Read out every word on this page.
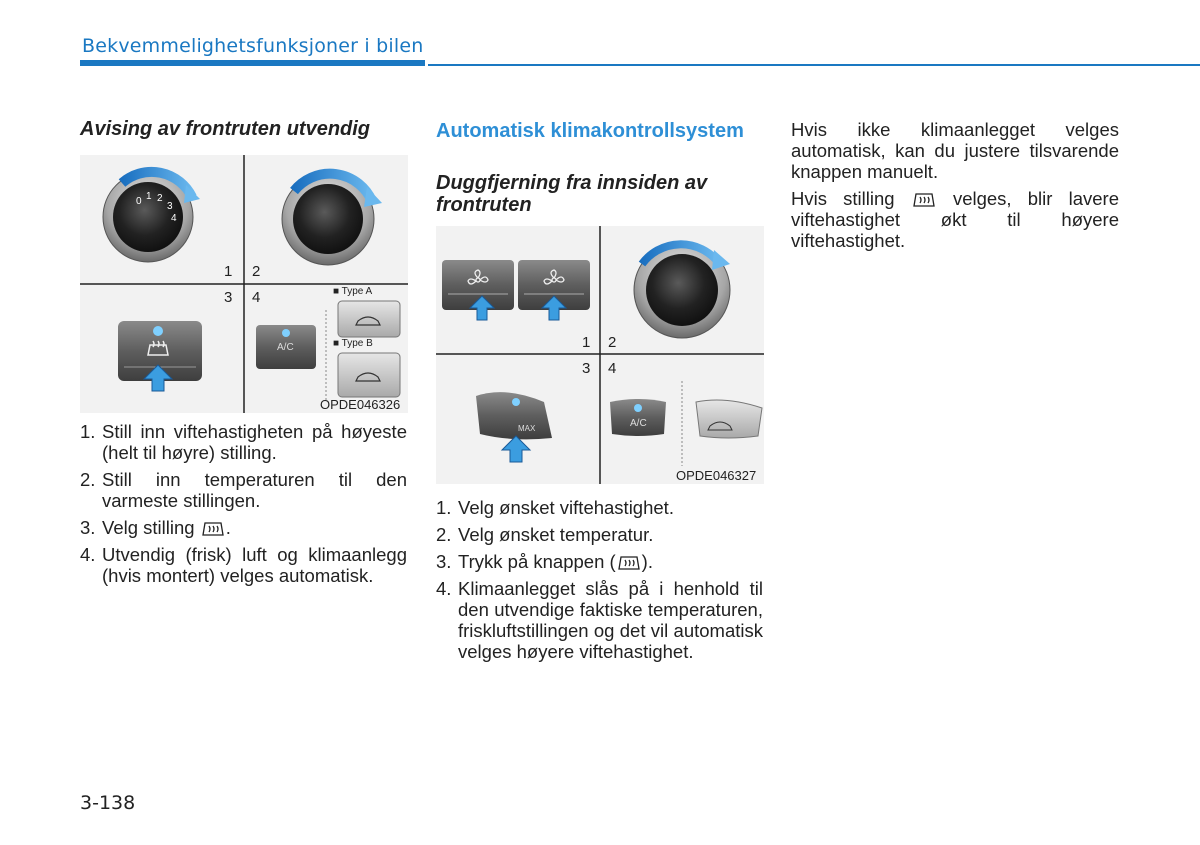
Bekvemmelighetsfunksjoner i bilen
Avising av frontruten utvendig
1 2
3 4
0 1 2
3
4
■ Type A
■ Type B
A/C
OPDE046326
1. Still inn viftehastigheten på høyeste (helt til høyre) stilling.
2. Still inn temperaturen til den varmeste stillingen.
3. Velg stilling .
4. Utvendig (frisk) luft og klimaanlegg (hvis montert) velges automatisk.
Automatisk klimakontrollsystem
Duggfjerning fra innsiden av frontruten
1 2
3 4
MAX	A/C
OPDE046327
1. Velg ønsket viftehastighet.
2. Velg ønsket temperatur.
3. Trykk på knappen ( ).
4. Klimaanlegget slås på i henhold til den utvendige faktiske temperaturen, friskluftstillingen og det vil automatisk velges høyere viftehastighet.

Hvis ikke klimaanlegget velges automatisk, kan du justere tilsvarende knappen manuelt.

Hvis stilling  velges, blir lavere viftehastighet økt til høyere viftehastighet.

3-138
